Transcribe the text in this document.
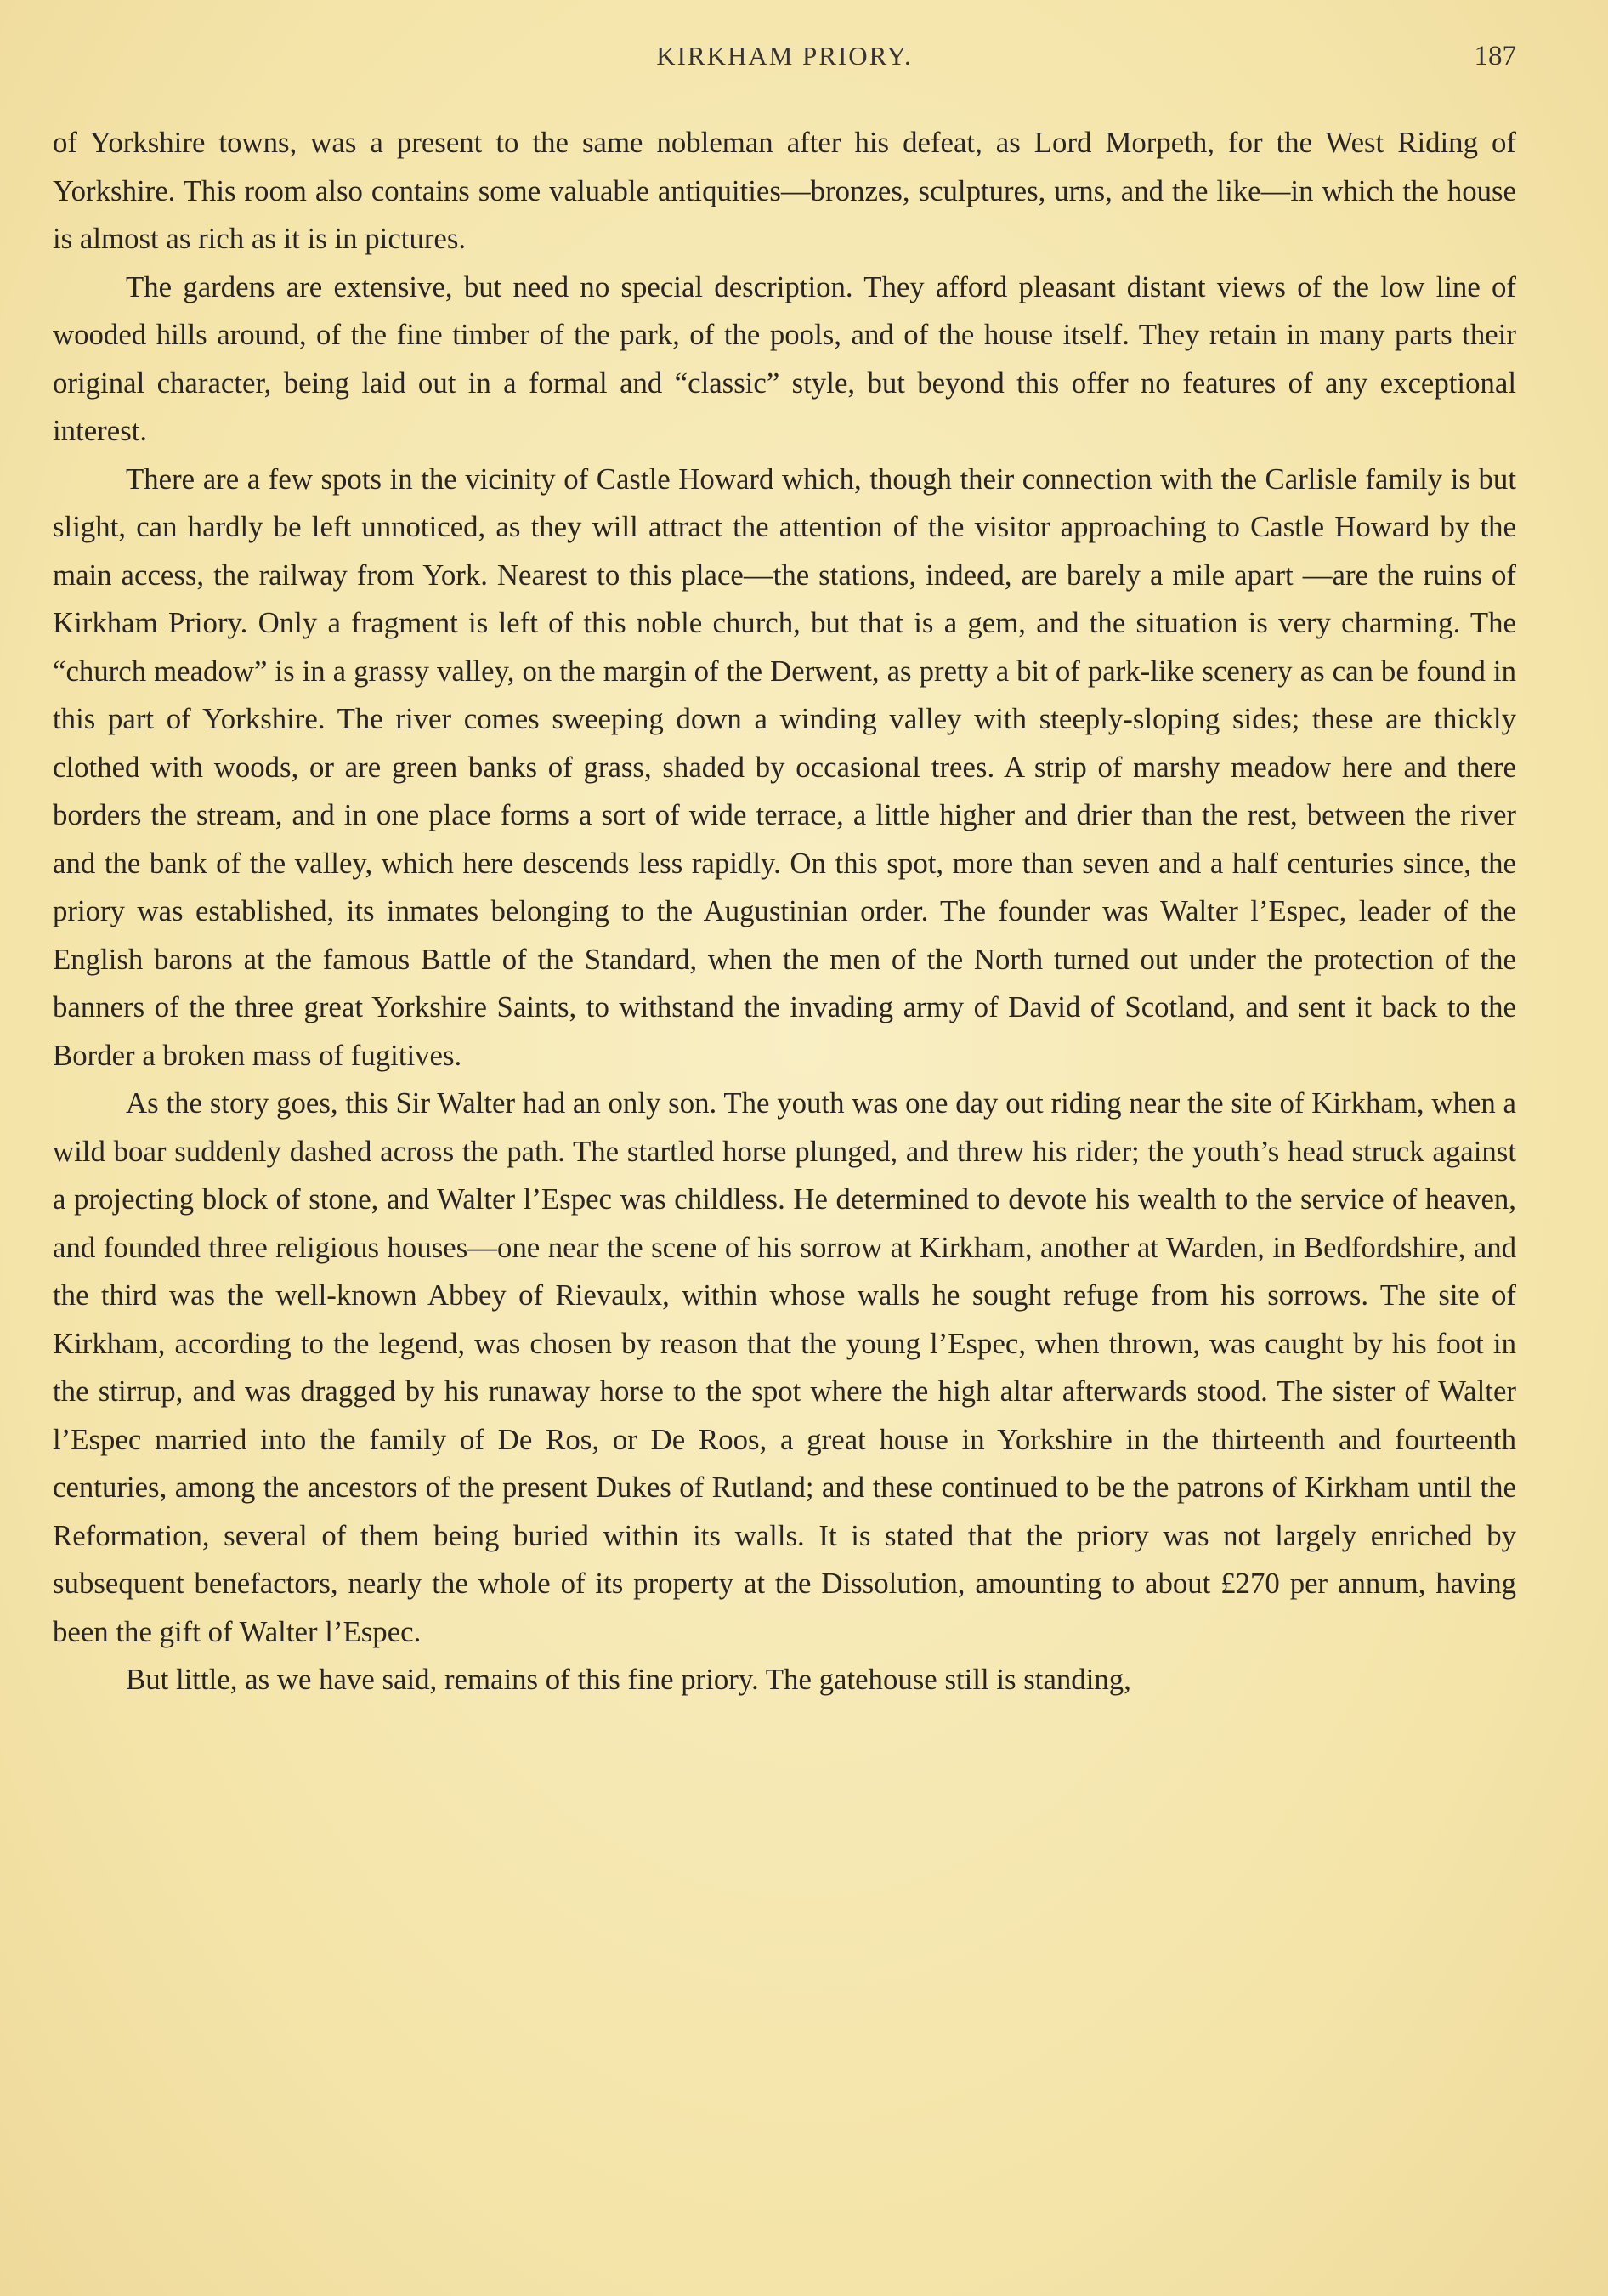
KIRKHAM PRIORY.	187

of Yorkshire towns, was a present to the same nobleman after his defeat, as Lord Morpeth, for the West Riding of Yorkshire. This room also contains some valuable antiquities—bronzes, sculptures, urns, and the like—in which the house is almost as rich as it is in pictures.

The gardens are extensive, but need no special description. They afford pleasant distant views of the low line of wooded hills around, of the fine timber of the park, of the pools, and of the house itself. They retain in many parts their original character, being laid out in a formal and “classic” style, but beyond this offer no features of any exceptional interest.

There are a few spots in the vicinity of Castle Howard which, though their connection with the Carlisle family is but slight, can hardly be left unnoticed, as they will attract the attention of the visitor approaching to Castle Howard by the main access, the railway from York. Nearest to this place—the stations, indeed, are barely a mile apart —are the ruins of Kirkham Priory. Only a fragment is left of this noble church, but that is a gem, and the situation is very charming. The “church meadow” is in a grassy valley, on the margin of the Derwent, as pretty a bit of park-like scenery as can be found in this part of Yorkshire. The river comes sweeping down a winding valley with steeply-sloping sides; these are thickly clothed with woods, or are green banks of grass, shaded by occasional trees. A strip of marshy meadow here and there borders the stream, and in one place forms a sort of wide terrace, a little higher and drier than the rest, between the river and the bank of the valley, which here descends less rapidly. On this spot, more than seven and a half centuries since, the priory was established, its inmates belonging to the Augustinian order. The founder was Walter l’Espec, leader of the English barons at the famous Battle of the Standard, when the men of the North turned out under the protection of the banners of the three great Yorkshire Saints, to withstand the invading army of David of Scotland, and sent it back to the Border a broken mass of fugitives.

As the story goes, this Sir Walter had an only son. The youth was one day out riding near the site of Kirkham, when a wild boar suddenly dashed across the path. The startled horse plunged, and threw his rider; the youth’s head struck against a projecting block of stone, and Walter l’Espec was childless. He determined to devote his wealth to the service of heaven, and founded three religious houses—one near the scene of his sorrow at Kirkham, another at Warden, in Bedfordshire, and the third was the well-known Abbey of Rievaulx, within whose walls he sought refuge from his sorrows. The site of Kirkham, according to the legend, was chosen by reason that the young l’Espec, when thrown, was caught by his foot in the stirrup, and was dragged by his runaway horse to the spot where the high altar afterwards stood. The sister of Walter l’Espec married into the family of De Ros, or De Roos, a great house in Yorkshire in the thirteenth and fourteenth centuries, among the ancestors of the present Dukes of Rutland; and these continued to be the patrons of Kirkham until the Reformation, several of them being buried within its walls. It is stated that the priory was not largely enriched by subsequent benefactors, nearly the whole of its property at the Dissolution, amounting to about £270 per annum, having been the gift of Walter l’Espec.

But little, as we have said, remains of this fine priory. The gatehouse still is standing,
